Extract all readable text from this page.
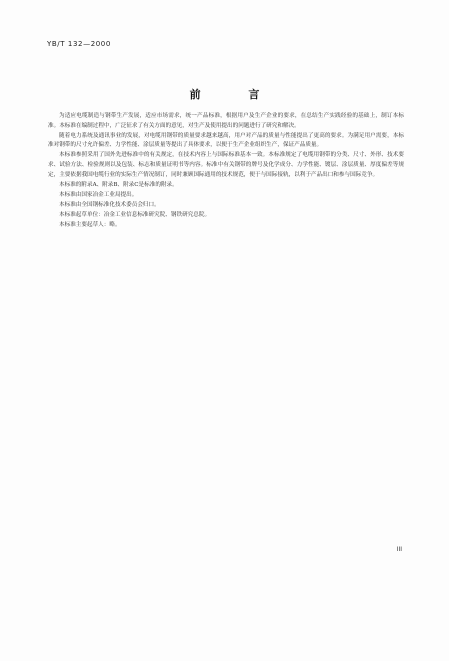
YB/T 132—2000
前 言

为适应电缆制造与钢带生产发展，适应市场需求，统一产品标准，根据用户及生产企业的要求，在总结生产实践经验的基础上，制订本标准。本标准在编制过程中，广泛征求了有关方面的意见，对生产及使用提出的问题进行了研究和解决。

随着电力系统及通讯事业的发展，对电缆用钢带的质量要求越来越高，用户对产品的质量与性能提出了更高的要求。为满足用户需要，本标准对钢带的尺寸允许偏差、力学性能、涂层质量等提出了具体要求，以便于生产企业组织生产，保证产品质量。

本标准参照采用了国外先进标准中的有关规定，在技术内容上与国际标准基本一致。本标准规定了电缆用钢带的分类、尺寸、外形、技术要求、试验方法、检验规则以及包装、标志和质量证明书等内容。标准中有关钢带的牌号及化学成分、力学性能、镀层、涂层质量、厚度偏差等规定，主要依据我国电缆行业的实际生产情况制订，同时兼顾国际通用的技术规范，便于与国际接轨，以利于产品出口和参与国际竞争。

本标准的附录A、附录B、附录C是标准的附录。

本标准由国家冶金工业局提出。

本标准由全国钢标准化技术委员会归口。

本标准起草单位：冶金工业信息标准研究院、钢铁研究总院。

本标准主要起草人：略。

III
